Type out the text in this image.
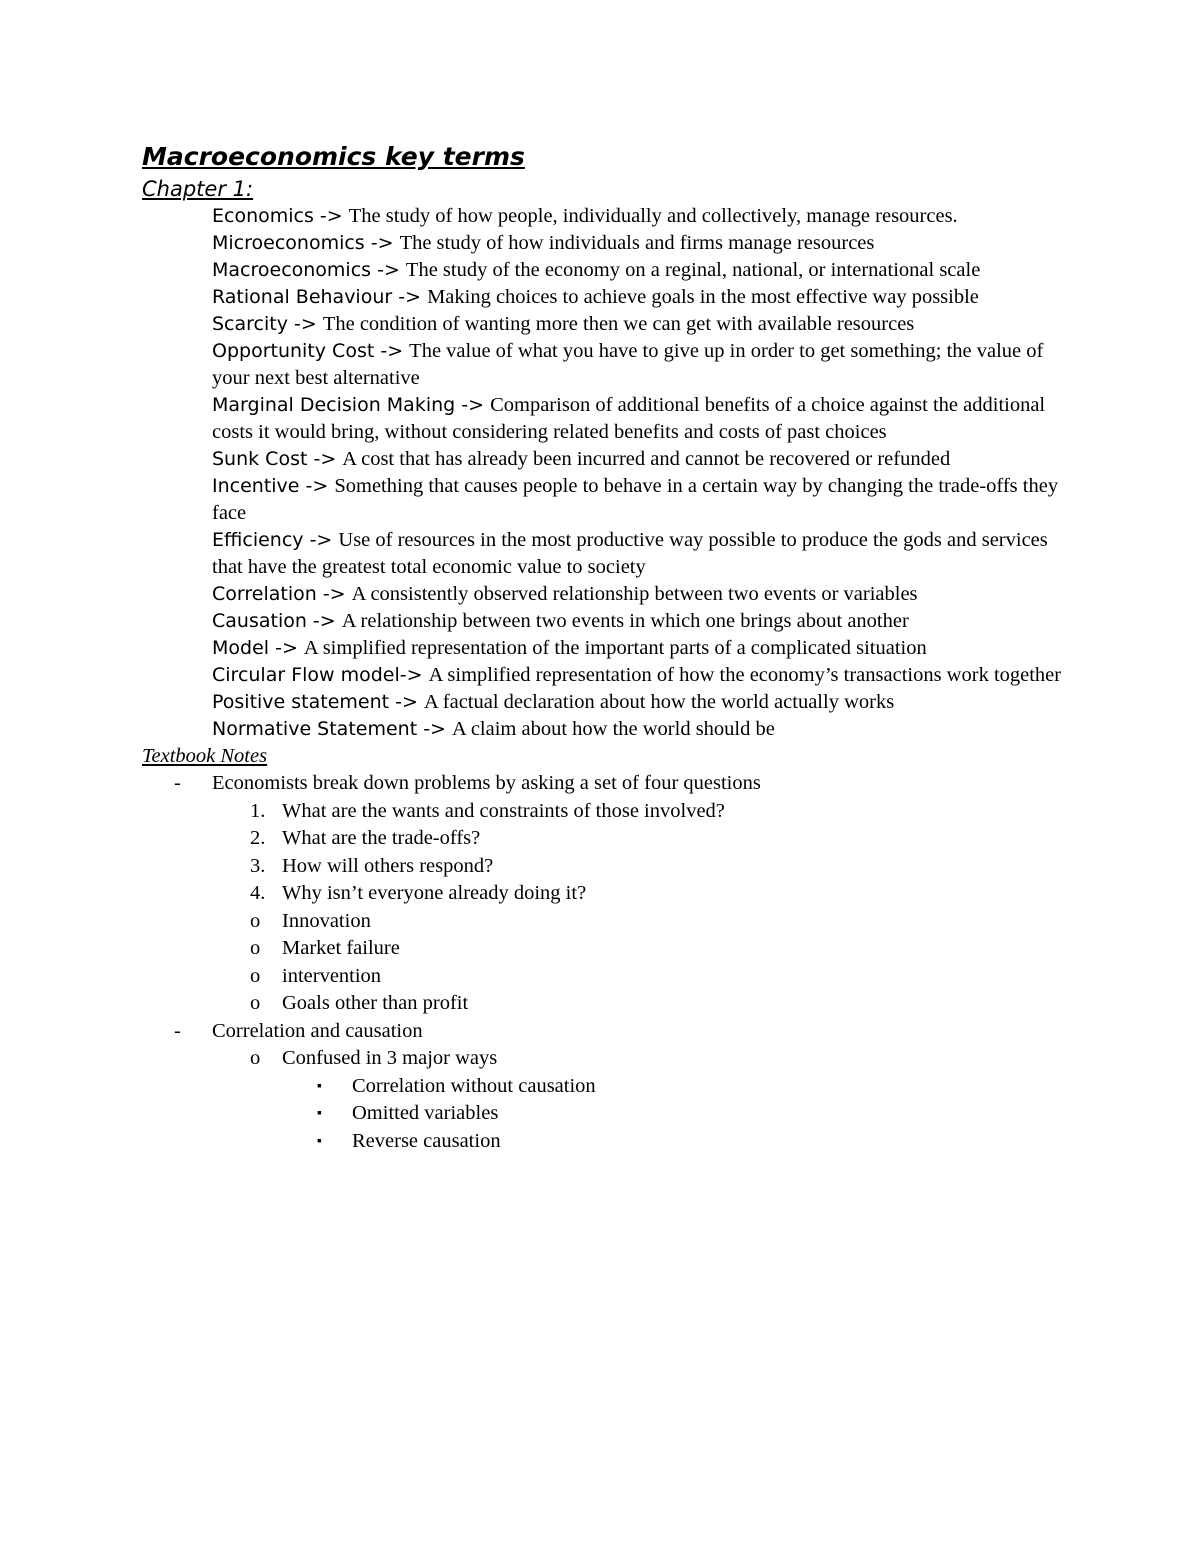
Macroeconomics key terms
Chapter 1:
Economics -> The study of how people, individually and collectively, manage resources.
Microeconomics -> The study of how individuals and firms manage resources
Macroeconomics -> The study of the economy on a reginal, national, or international scale
Rational Behaviour -> Making choices to achieve goals in the most effective way possible
Scarcity -> The condition of wanting more then we can get with available resources
Opportunity Cost -> The value of what you have to give up in order to get something; the value of your next best alternative
Marginal Decision Making -> Comparison of additional benefits of a choice against the additional costs it would bring, without considering related benefits and costs of past choices
Sunk Cost -> A cost that has already been incurred and cannot be recovered or refunded
Incentive -> Something that causes people to behave in a certain way by changing the trade-offs they face
Efficiency -> Use of resources in the most productive way possible to produce the gods and services that have the greatest total economic value to society
Correlation -> A consistently observed relationship between two events or variables
Causation -> A relationship between two events in which one brings about another
Model -> A simplified representation of the important parts of a complicated situation
Circular Flow model-> A simplified representation of how the economy’s transactions work together
Positive statement -> A factual declaration about how the world actually works
Normative Statement -> A claim about how the world should be
Textbook Notes
- Economists break down problems by asking a set of four questions
1. What are the wants and constraints of those involved?
2. What are the trade-offs?
3. How will others respond?
4. Why isn’t everyone already doing it?
o Innovation
o Market failure
o intervention
o Goals other than profit
- Correlation and causation
o Confused in 3 major ways
▪ Correlation without causation
▪ Omitted variables
▪ Reverse causation
